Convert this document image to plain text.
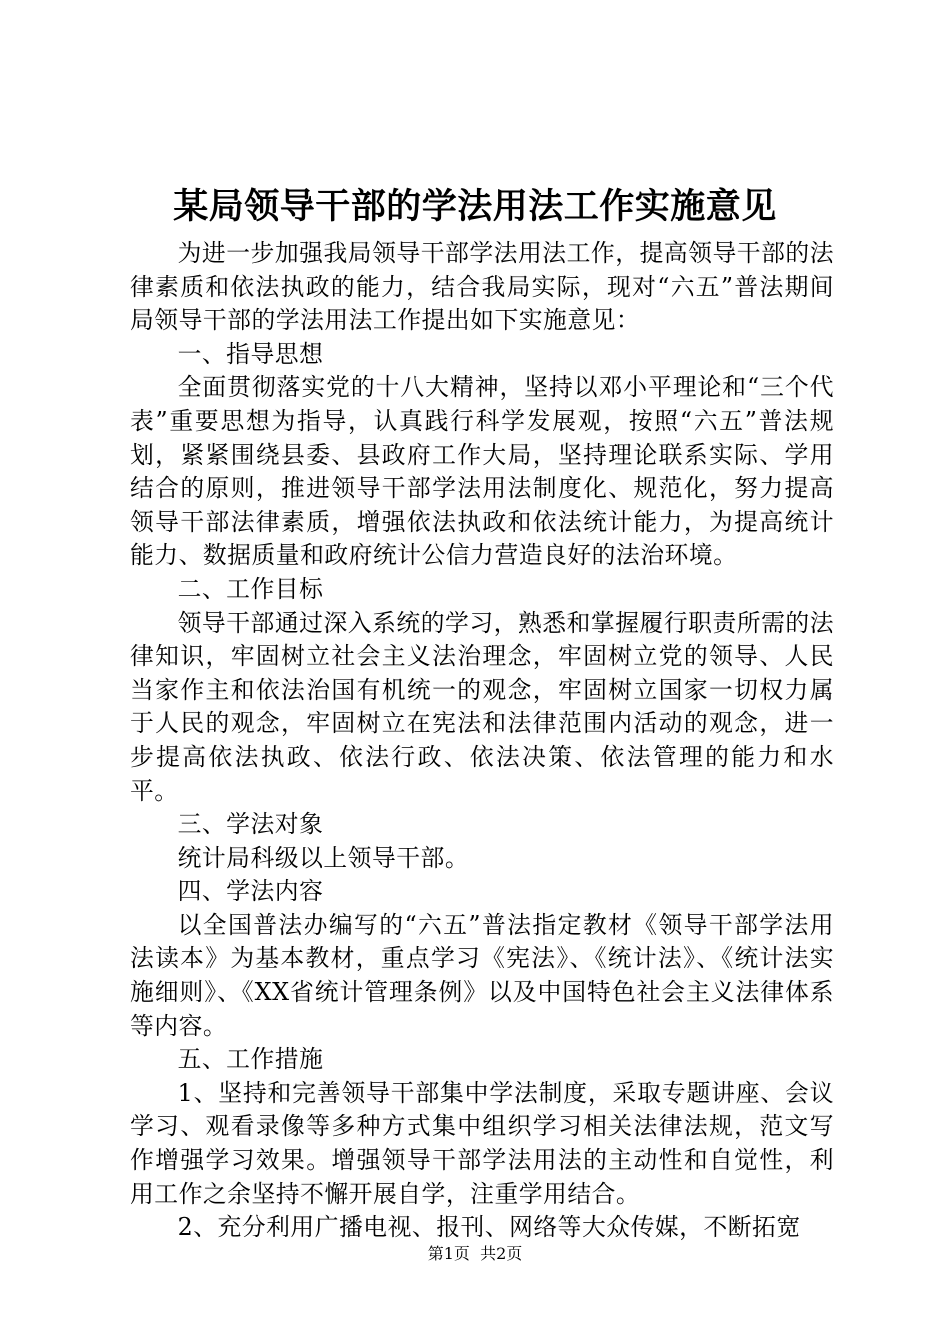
某局领导干部的学法用法工作实施意见

为进一步加强我局领导干部学法用法工作，提高领导干部的法律素质和依法执政的能力，结合我局实际，现对“六五”普法期间局领导干部的学法用法工作提出如下实施意见：

一、指导思想

全面贯彻落实党的十八大精神，坚持以邓小平理论和“三个代表”重要思想为指导，认真践行科学发展观，按照“六五”普法规划，紧紧围绕县委、县政府工作大局，坚持理论联系实际、学用结合的原则，推进领导干部学法用法制度化、规范化，努力提高领导干部法律素质，增强依法执政和依法统计能力，为提高统计能力、数据质量和政府统计公信力营造良好的法治环境。

二、工作目标

领导干部通过深入系统的学习，熟悉和掌握履行职责所需的法律知识，牢固树立社会主义法治理念，牢固树立党的领导、人民当家作主和依法治国有机统一的观念，牢固树立国家一切权力属于人民的观念，牢固树立在宪法和法律范围内活动的观念，进一步提高依法执政、依法行政、依法决策、依法管理的能力和水平。

三、学法对象

统计局科级以上领导干部。

四、学法内容

以全国普法办编写的“六五”普法指定教材《领导干部学法用法读本》为基本教材，重点学习《宪法》、《统计法》、《统计法实施细则》、《XX省统计管理条例》以及中国特色社会主义法律体系等内容。

五、工作措施

1、坚持和完善领导干部集中学法制度，采取专题讲座、会议学习、观看录像等多种方式集中组织学习相关法律法规，范文写作增强学习效果。增强领导干部学法用法的主动性和自觉性，利用工作之余坚持不懈开展自学，注重学用结合。

2、充分利用广播电视、报刊、网络等大众传媒，不断拓宽

第1页 共2页
